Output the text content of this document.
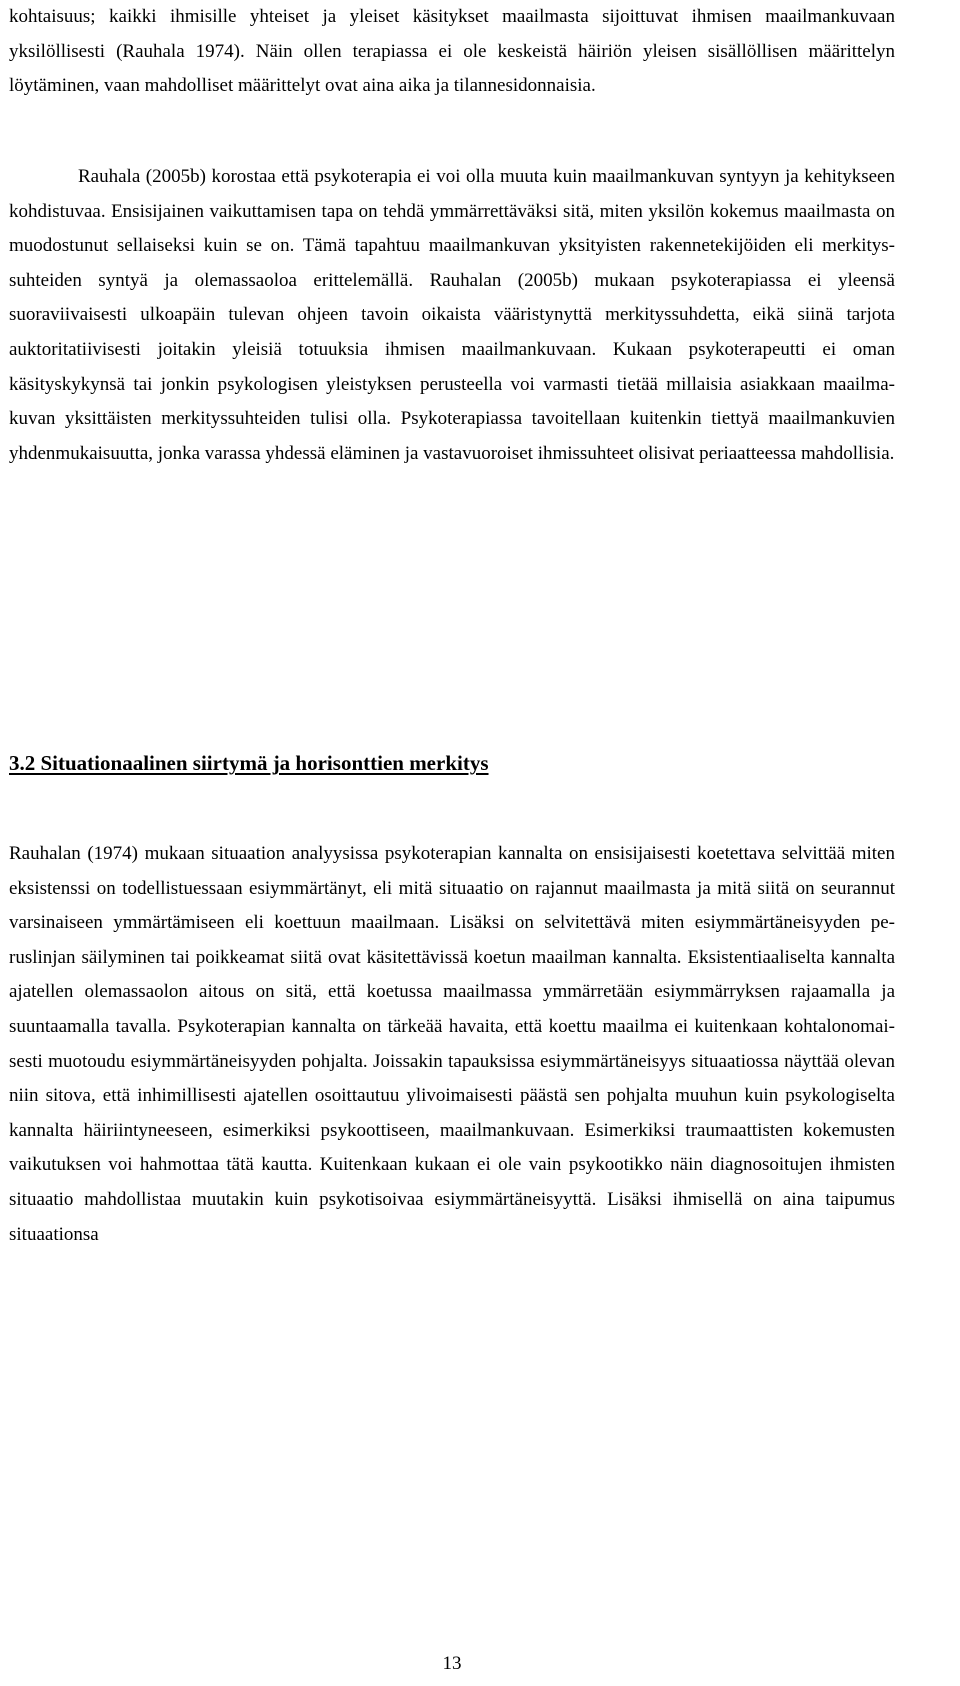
kohtaisuus; kaikki ihmisille yhteiset ja yleiset käsitykset maailmasta sijoittuvat ihmisen maailmankuvaan yksilöllisesti (Rauhala 1974). Näin ollen terapiassa ei ole keskeistä häiriön yleisen sisällöllisen määrittelyn löytäminen, vaan mahdolliset määrittelyt ovat aina aika ja tilannesidonnaisia.

Rauhala (2005b) korostaa että psykoterapia ei voi olla muuta kuin maailmankuvan syntyyn ja kehitykseen kohdistuvaa. Ensisijainen vaikuttamisen tapa on tehdä ymmärrettäväksi sitä, miten yksilön kokemus maailmasta on muodostunut sellaiseksi kuin se on. Tämä tapahtuu maailmankuvan yksityisten rakennetekijöiden eli merkityssuhteiden syntyä ja olemassaoloa erittelemällä. Rauhalan (2005b) mukaan psykoterapiassa ei yleensä suoraviivaisesti ulkoapäin tulevan ohjeen tavoin oikaista vääristynyttä merkityssuhdetta, eikä siinä tarjota auktoritatiivisesti joitakin yleisiä totuuksia ihmisen maailmankuvaan. Kukaan psykoterapeutti ei oman käsityskykynsä tai jonkin psykologisen yleistyksen perusteella voi varmasti tietää millaisia asiakkaan maailmakuvan yksittäisten merkityssuhteiden tulisi olla. Psykoterapiassa tavoitellaan kuitenkin tiettyä maailmankuvien yhdenmukaisuutta, jonka varassa yhdessä eläminen ja vastavuoroiset ihmissuhteet olisivat periaatteessa mahdollisia.

3.2 Situationaalinen siirtymä ja horisonttien merkitys

Rauhalan (1974) mukaan situaation analyysissa psykoterapian kannalta on ensisijaisesti koetettava selvittää miten eksistenssi on todellistuessaan esiymmärtänyt, eli mitä situaatio on rajannut maailmasta ja mitä siitä on seurannut varsinaiseen ymmärtämiseen eli koettuun maailmaan. Lisäksi on selvitettävä miten esiymmärtäneisyyden peruslinjan säilyminen tai poikkeamat siitä ovat käsitettävissä koetun maailman kannalta. Eksistentiaaliselta kannalta ajatellen olemassaolon aitous on sitä, että koetussa maailmassa ymmärretään esiymmärryksen rajaamalla ja suuntaamalla tavalla. Psykoterapian kannalta on tärkeää havaita, että koettu maailma ei kuitenkaan kohtalonomaisesti muotoudu esiymmärtäneisyyden pohjalta. Joissakin tapauksissa esiymmärtäneisyys situaatiossa näyttää olevan niin sitova, että inhimillisesti ajatellen osoittautuu ylivoimaisesti päästä sen pohjalta muuhun kuin psykologiselta kannalta häiriintyneeseen, esimerkiksi psykoottiseen, maailmankuvaan. Esimerkiksi traumaattisten kokemusten vaikutuksen voi hahmottaa tätä kautta. Kuitenkaan kukaan ei ole vain psykootikko näin diagnosoitujen ihmisten situaatio mahdollistaa muutakin kuin psykotisoivaa esiymmärtäneisyyttä. Lisäksi ihmisellä on aina taipumus situaationsa

13
